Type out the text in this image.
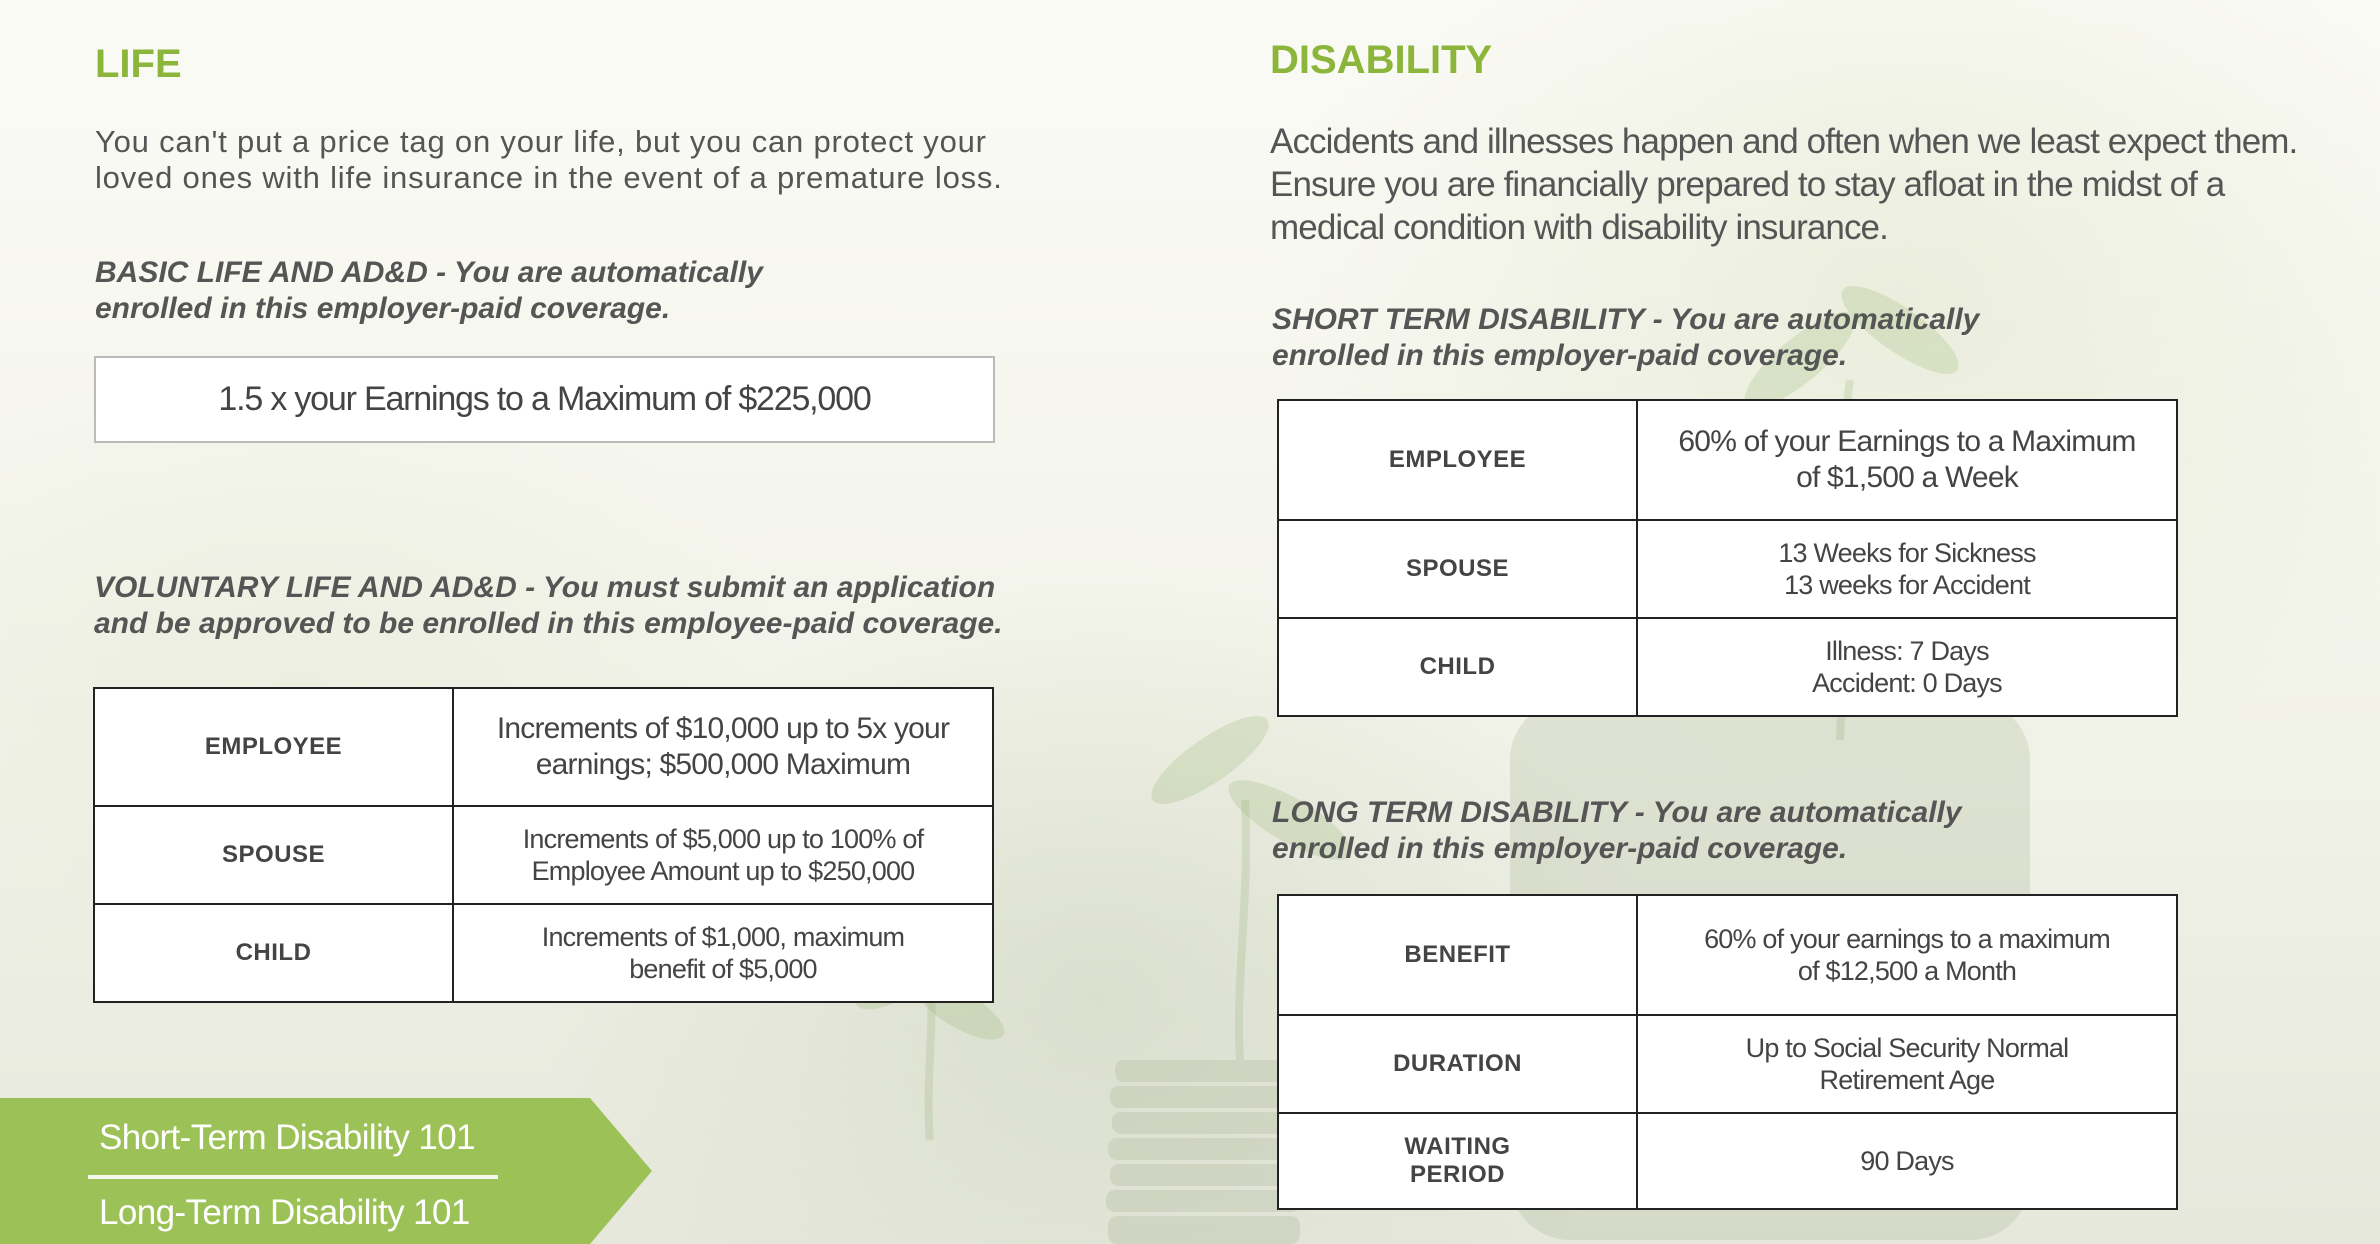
LIFE
You can't put a price tag on your life, but you can protect your
loved ones with life insurance in the event of a premature loss.
BASIC LIFE AND AD&D - You are automatically
enrolled in this employer-paid coverage.
1.5 x your Earnings to a Maximum of $225,000
VOLUNTARY LIFE AND AD&D - You must submit an application
and be approved to be enrolled in this employee-paid coverage.
EMPLOYEE	Increments of $10,000 up to 5x your
earnings; $500,000 Maximum

SPOUSE	Increments of $5,000 up to 100% of
Employee Amount up to $250,000

CHILD	Increments of $1,000, maximum
benefit of $5,000
DISABILITY
Accidents and illnesses happen and often when we least expect them.
Ensure you are financially prepared to stay afloat in the midst of a
medical condition with disability insurance.
SHORT TERM DISABILITY - You are automatically
enrolled in this employer-paid coverage.
EMPLOYEE	60% of your Earnings to a Maximum
of $1,500 a Week

SPOUSE	13 Weeks for Sickness
13 weeks for Accident

CHILD	Illness: 7 Days
Accident: 0 Days
LONG TERM DISABILITY - You are automatically
enrolled in this employer-paid coverage.
BENEFIT	60% of your earnings to a maximum
of $12,500 a Month

DURATION	Up to Social Security Normal
Retirement Age

WAITING
PERIOD	90 Days
Short-Term Disability 101
Long-Term Disability 101
